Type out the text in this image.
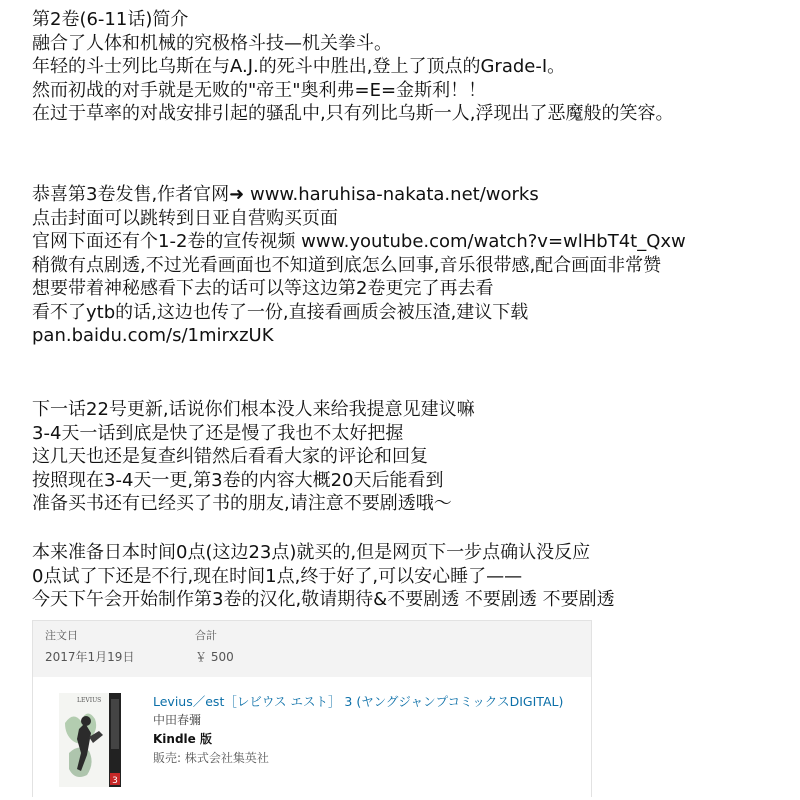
第2卷(6-11话)简介
融合了人体和机械的究极格斗技—机关拳斗。
年轻的斗士列比乌斯在与A.J.的死斗中胜出,登上了顶点的Grade-Ⅰ。
然而初战的对手就是无败的"帝王"奥利弗=E=金斯利！！
在过于草率的对战安排引起的骚乱中,只有列比乌斯一人,浮现出了恶魔般的笑容。
恭喜第3卷发售,作者官网➜ www.haruhisa-nakata.net/works
点击封面可以跳转到日亚自营购买页面
官网下面还有个1-2卷的宣传视频 www.youtube.com/watch?v=wlHbT4t_Qxw
稍微有点剧透,不过光看画面也不知道到底怎么回事,音乐很带感,配合画面非常赞
想要带着神秘感看下去的话可以等这边第2卷更完了再去看
看不了ytb的话,这边也传了一份,直接看画质会被压渣,建议下载
pan.baidu.com/s/1mirxzUK
下一话22号更新,话说你们根本没人来给我提意见建议嘛
3-4天一话到底是快了还是慢了我也不太好把握
这几天也还是复查纠错然后看看大家的评论和回复
按照现在3-4天一更,第3卷的内容大概20天后能看到
准备买书还有已经买了书的朋友,请注意不要剧透哦～
本来准备日本时间0点(这边23点)就买的,但是网页下一步点确认没反应
0点试了下还是不行,现在时间1点,终于好了,可以安心睡了——
今天下午会开始制作第3卷的汉化,敬请期待&不要剧透 不要剧透 不要剧透
注文日
2017年1月19日
合計
￥ 500
3
LEVIUS	Levius／est［レビウス エスト］ 3 (ヤングジャンプコミックスDIGITAL)
中田春彌
Kindle 版
販売: 株式会社集英社
